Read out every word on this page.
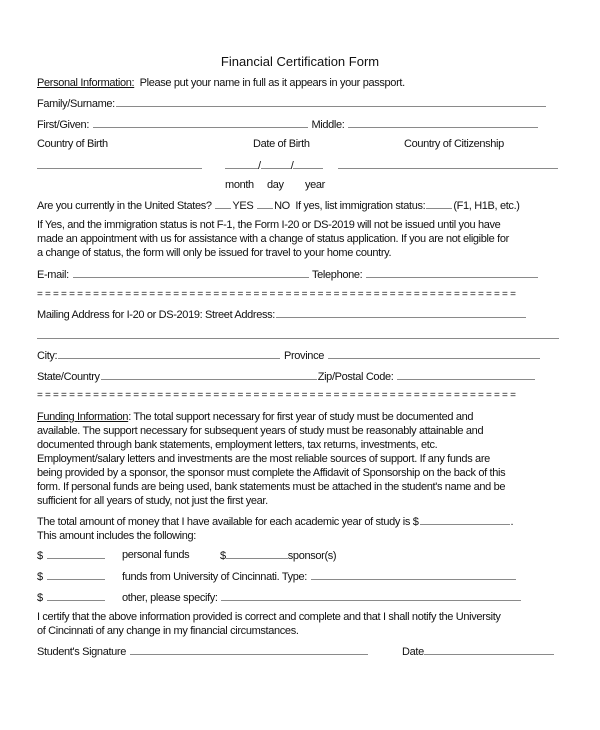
Financial Certification Form
Personal Information: Please put your name in full as it appears in your passport.
Family/Surname:
First/Given:	Middle:
Country of Birth	Date of Birth	Country of Citizenship
/	/
month day year
Are you currently in the United States? YES NO If yes, list immigration status:	(F1, H1B, etc.)
If Yes, and the immigration status is not F-1, the Form I-20 or DS-2019 will not be issued until you have
made an appointment with us for assistance with a change of status application. If you are not eligible for
a change of status, the form will only be issued for travel to your home country.
E-mail:	Telephone:
= = = = = = = = = = = = = = = = = = = = = = = = = = = = = = = = = = = = = = = = = = = = = = = = = = = = = = = = = = = =
Mailing Address for I-20 or DS-2019: Street Address:
City:	Province
State/Country	Zip/Postal Code:
= = = = = = = = = = = = = = = = = = = = = = = = = = = = = = = = = = = = = = = = = = = = = = = = = = = = = = = = = = = =
Funding Information: The total support necessary for first year of study must be documented and
available. The support necessary for subsequent years of study must be reasonably attainable and
documented through bank statements, employment letters, tax returns, investments, etc.
Employment/salary letters and investments are the most reliable sources of support. If any funds are
being provided by a sponsor, the sponsor must complete the Affidavit of Sponsorship on the back of this
form. If personal funds are being used, bank statements must be attached in the student's name and be
sufficient for all years of study, not just the first year.
The total amount of money that I have available for each academic year of study is $	.
This amount includes the following:
$	personal funds	$	sponsor(s)
$	funds from University of Cincinnati. Type:
$	other, please specify:
I certify that the above information provided is correct and complete and that I shall notify the University
of Cincinnati of any change in my financial circumstances.
Student's Signature	Date
